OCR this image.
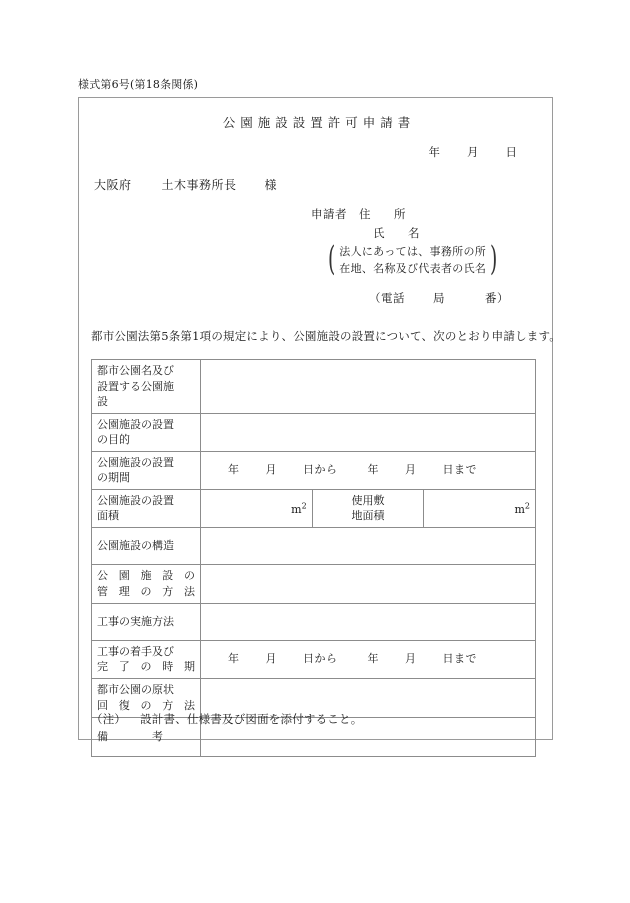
様式第6号(第18条関係)
公園施設設置許可申請書
年 月 日
大阪府	土木事務所長 様
申請者 住　所
氏　名
( 法人にあっては、事務所の所
在地、名称及び代表者の氏名 )
（電話 局	番）
都市公園法第5条第1項の規定により、公園施設の設置について、次のとおり申請します。
都市公園名及び
設置する公園施
設			

公園施設の設置
の目的			

公園施設の設置
の期間	年 月 日から 年 月 日まで		

公園施設の設置
面積	$m^2$	使用敷
地面積	$m^2$

公園施設の構造			

公園施設の
管理の方法			

工事の実施方法			

工事の着手及び
完了の時期	年 月 日から 年 月 日まで		

都市公園の原状
回復の方法			

備　　　　考			

（注） 設計書、仕様書及び図面を添付すること。
